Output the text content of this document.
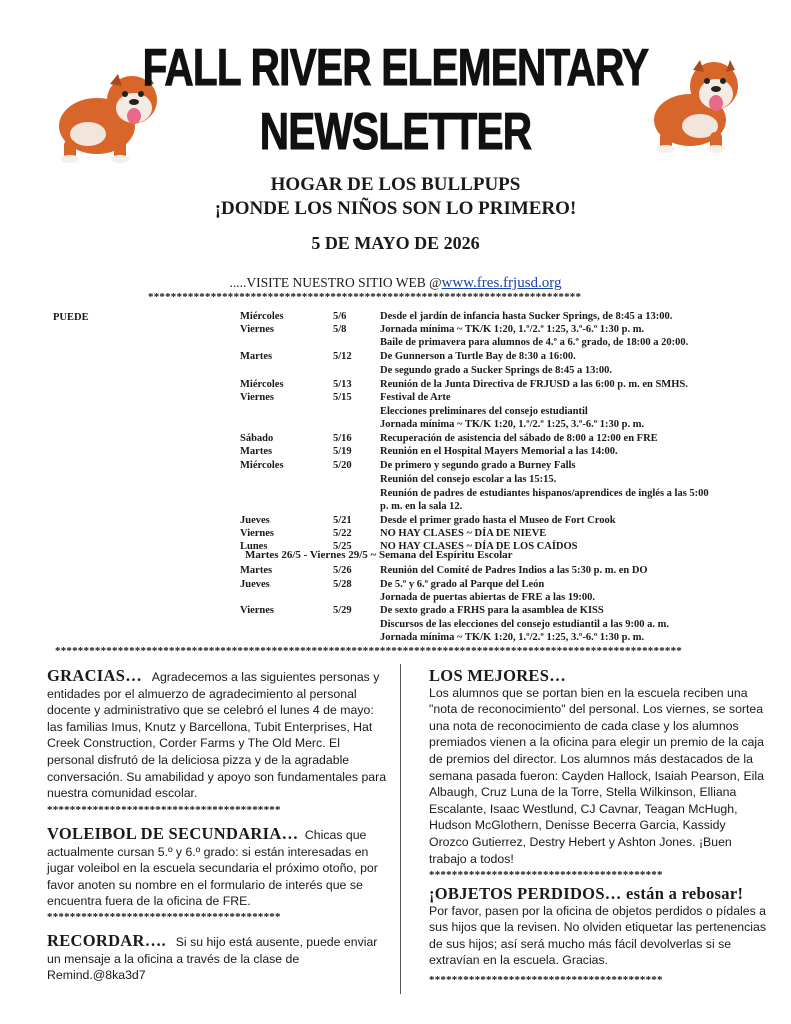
FALL RIVER ELEMENTARY
NEWSLETTER
HOGAR DE LOS BULLPUPS
¡DONDE LOS NIÑOS SON LO PRIMERO!
5 DE MAYO DE 2026
.....VISITE NUESTRO SITIO WEB @www.fres.frjusd.org
****************************************************************************
PUEDE	Miércoles	5/6	Desde el jardín de infancia hasta Sucker Springs, de 8:45 a 13:00.
Viernes	5/8	Jornada mínima ~ TK/K 1:20, 1.º/2.º 1:25, 3.º-6.º 1:30 p. m.
Baile de primavera para alumnos de 4.º a 6.º grado, de 18:00 a 20:00.
Martes	5/12	De Gunnerson a Turtle Bay de 8:30 a 16:00.
De segundo grado a Sucker Springs de 8:45 a 13:00.
Miércoles	5/13	Reunión de la Junta Directiva de FRJUSD a las 6:00 p. m. en SMHS.
Viernes	5/15	Festival de Arte
Elecciones preliminares del consejo estudiantil
Jornada mínima ~ TK/K 1:20, 1.º/2.º 1:25, 3.º-6.º 1:30 p. m.
Sábado	5/16	Recuperación de asistencia del sábado de 8:00 a 12:00 en FRE
Martes	5/19	Reunión en el Hospital Mayers Memorial a las 14:00.
Miércoles	5/20	De primero y segundo grado a Burney Falls
Reunión del consejo escolar a las 15:15.
Reunión de padres de estudiantes hispanos/aprendices de inglés a las 5:00
p. m. en la sala 12.
Jueves	5/21	Desde el primer grado hasta el Museo de Fort Crook
Viernes	5/22	NO HAY CLASES ~ DÍA DE NIEVE
Lunes	5/25	NO HAY CLASES ~ DÍA DE LOS CAÍDOS
Martes	5/26	Reunión del Comité de Padres Indios a las 5:30 p. m. en DO
Jueves	5/28	De 5.º y 6.º grado al Parque del León
Jornada de puertas abiertas de FRE a las 19:00.
Viernes	5/29	De sexto grado a FRHS para la asamblea de KISS
Discursos de las elecciones del consejo estudiantil a las 9:00 a. m.
Jornada mínima ~ TK/K 1:20, 1.º/2.º 1:25, 3.º-6.º 1:30 p. m.
Martes 26/5 - Viernes 29/5 ~ Semana del Espíritu Escolar
**************************************************************************************************************
GRACIAS… Agradecemos a las siguientes personas y entidades por el almuerzo de agradecimiento al personal docente y administrativo que se celebró el lunes 4 de mayo: las familias Imus, Knutz y Barcellona, Tubit Enterprises, Hat Creek Construction, Corder Farms y The Old Merc. El personal disfrutó de la deliciosa pizza y de la agradable conversación. Su amabilidad y apoyo son fundamentales para nuestra comunidad escolar.
*****************************************
VOLEIBOL DE SECUNDARIA… Chicas que actualmente cursan 5.º y 6.º grado: si están interesadas en jugar voleibol en la escuela secundaria el próximo otoño, por favor anoten su nombre en el formulario de interés que se encuentra fuera de la oficina de FRE.
*****************************************
RECORDAR…. Si su hijo está ausente, puede enviar un mensaje a la oficina a través de la clase de Remind.@8ka3d7
LOS MEJORES…
Los alumnos que se portan bien en la escuela reciben una "nota de reconocimiento" del personal. Los viernes, se sortea una nota de reconocimiento de cada clase y los alumnos premiados vienen a la oficina para elegir un premio de la caja de premios del director. Los alumnos más destacados de la semana pasada fueron: Cayden Hallock, Isaiah Pearson, Eila Albaugh, Cruz Luna de la Torre, Stella Wilkinson, Elliana Escalante, Isaac Westlund, CJ Cavnar, Teagan McHugh, Hudson McGlothern, Denisse Becerra Garcia, Kassidy Orozco Gutierrez, Destry Hebert y Ashton Jones. ¡Buen trabajo a todos!
*****************************************
¡OBJETOS PERDIDOS… están a rebosar!
Por favor, pasen por la oficina de objetos perdidos o pídales a sus hijos que la revisen. No olviden etiquetar las pertenencias de sus hijos; así será mucho más fácil devolverlas si se extravían en la escuela. Gracias.
*****************************************
